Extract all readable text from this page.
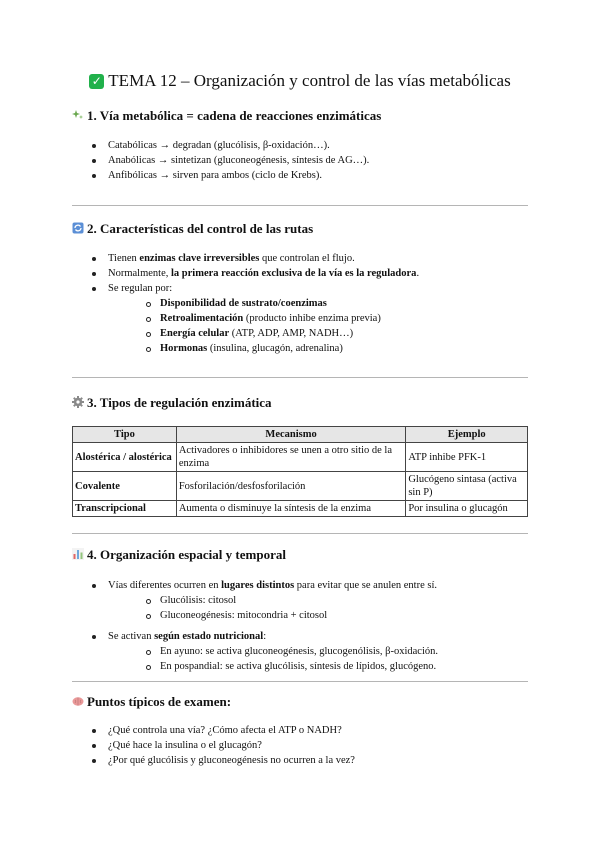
✓ TEMA 12 – Organización y control de las vías metabólicas
1. Vía metabólica = cadena de reacciones enzimáticas
Catabólicas → degradan (glucólisis, β-oxidación…).
Anabólicas → sintetizan (gluconeogénesis, síntesis de AG…).
Anfibólicas → sirven para ambos (ciclo de Krebs).
2. Características del control de las rutas
Tienen enzimas clave irreversibles que controlan el flujo.
Normalmente, la primera reacción exclusiva de la vía es la reguladora.
Se regulan por:
Disponibilidad de sustrato/coenzimas
Retroalimentación (producto inhibe enzima previa)
Energía celular (ATP, ADP, AMP, NADH…)
Hormonas (insulina, glucagón, adrenalina)
3. Tipos de regulación enzimática
Tipo	Mecanismo	Ejemplo
Alostérica / alostérica	Activadores o inhibidores se unen a otro sitio de la enzima	ATP inhibe PFK-1
Covalente	Fosforilación/desfosforilación	Glucógeno sintasa (activa sin P)
Transcripcional	Aumenta o disminuye la síntesis de la enzima	Por insulina o glucagón
4. Organización espacial y temporal
Vías diferentes ocurren en lugares distintos para evitar que se anulen entre sí.
Glucólisis: citosol
Gluconeogénesis: mitocondria + citosol
Se activan según estado nutricional:
En ayuno: se activa gluconeogénesis, glucogenólisis, β-oxidación.
En pospandial: se activa glucólisis, síntesis de lípidos, glucógeno.
Puntos típicos de examen:
¿Qué controla una vía? ¿Cómo afecta el ATP o NADH?
¿Qué hace la insulina o el glucagón?
¿Por qué glucólisis y gluconeogénesis no ocurren a la vez?
